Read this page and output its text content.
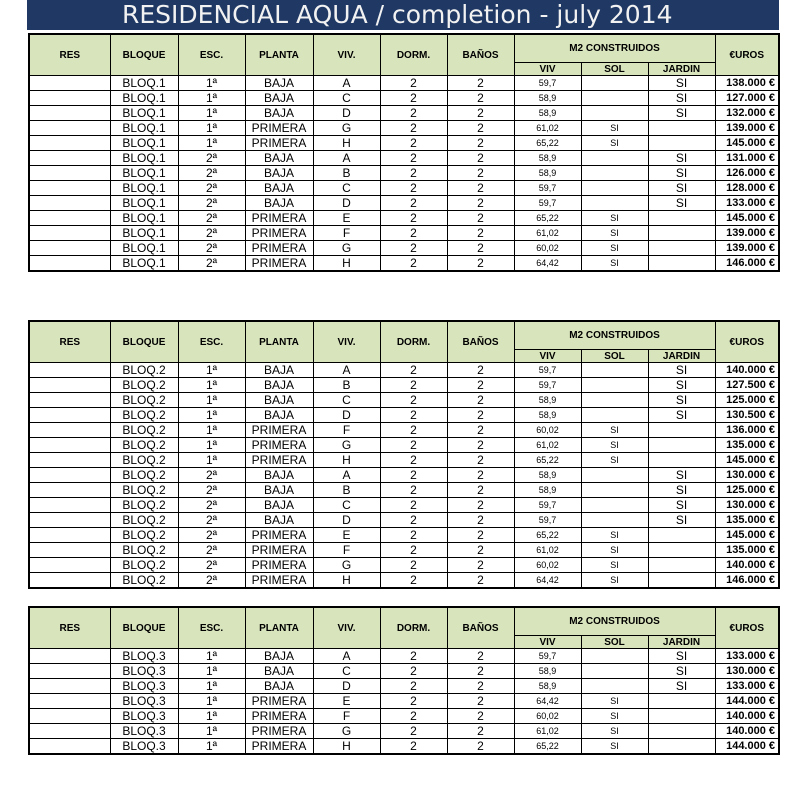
RESIDENCIAL AQUA / completion - july 2014
RES	BLOQUE	ESC.	PLANTA	VIV.	DORM.	BAÑOS	M2 CONSTRUIDOS			€UROS
							VIV	SOL	JARDIN	
	BLOQ.1	1ª	BAJA	A	2	2	59,7		SI	138.000 €
	BLOQ.1	1ª	BAJA	C	2	2	58,9		SI	127.000 €
	BLOQ.1	1ª	BAJA	D	2	2	58,9		SI	132.000 €
	BLOQ.1	1ª	PRIMERA	G	2	2	61,02	SI		139.000 €
	BLOQ.1	1ª	PRIMERA	H	2	2	65,22	SI		145.000 €
	BLOQ.1	2ª	BAJA	A	2	2	58,9		SI	131.000 €
	BLOQ.1	2ª	BAJA	B	2	2	58,9		SI	126.000 €
	BLOQ.1	2ª	BAJA	C	2	2	59,7		SI	128.000 €
	BLOQ.1	2ª	BAJA	D	2	2	59,7		SI	133.000 €
	BLOQ.1	2ª	PRIMERA	E	2	2	65,22	SI		145.000 €
	BLOQ.1	2ª	PRIMERA	F	2	2	61,02	SI		139.000 €
	BLOQ.1	2ª	PRIMERA	G	2	2	60,02	SI		139.000 €
	BLOQ.1	2ª	PRIMERA	H	2	2	64,42	SI		146.000 €
RES	BLOQUE	ESC.	PLANTA	VIV.	DORM.	BAÑOS	M2 CONSTRUIDOS			€UROS
							VIV	SOL	JARDIN	
	BLOQ.2	1ª	BAJA	A	2	2	59,7		SI	140.000 €
	BLOQ.2	1ª	BAJA	B	2	2	59,7		SI	127.500 €
	BLOQ.2	1ª	BAJA	C	2	2	58,9		SI	125.000 €
	BLOQ.2	1ª	BAJA	D	2	2	58,9		SI	130.500 €
	BLOQ.2	1ª	PRIMERA	F	2	2	60,02	SI		136.000 €
	BLOQ.2	1ª	PRIMERA	G	2	2	61,02	SI		135.000 €
	BLOQ.2	1ª	PRIMERA	H	2	2	65,22	SI		145.000 €
	BLOQ.2	2ª	BAJA	A	2	2	58,9		SI	130.000 €
	BLOQ.2	2ª	BAJA	B	2	2	58,9		SI	125.000 €
	BLOQ.2	2ª	BAJA	C	2	2	59,7		SI	130.000 €
	BLOQ.2	2ª	BAJA	D	2	2	59,7		SI	135.000 €
	BLOQ.2	2ª	PRIMERA	E	2	2	65,22	SI		145.000 €
	BLOQ.2	2ª	PRIMERA	F	2	2	61,02	SI		135.000 €
	BLOQ.2	2ª	PRIMERA	G	2	2	60,02	SI		140.000 €
	BLOQ.2	2ª	PRIMERA	H	2	2	64,42	SI		146.000 €
RES	BLOQUE	ESC.	PLANTA	VIV.	DORM.	BAÑOS	M2 CONSTRUIDOS			€UROS
							VIV	SOL	JARDIN	
	BLOQ.3	1ª	BAJA	A	2	2	59,7		SI	133.000 €
	BLOQ.3	1ª	BAJA	C	2	2	58,9		SI	130.000 €
	BLOQ.3	1ª	BAJA	D	2	2	58,9		SI	133.000 €
	BLOQ.3	1ª	PRIMERA	E	2	2	64,42	SI		144.000 €
	BLOQ.3	1ª	PRIMERA	F	2	2	60,02	SI		140.000 €
	BLOQ.3	1ª	PRIMERA	G	2	2	61,02	SI		140.000 €
	BLOQ.3	1ª	PRIMERA	H	2	2	65,22	SI		144.000 €
